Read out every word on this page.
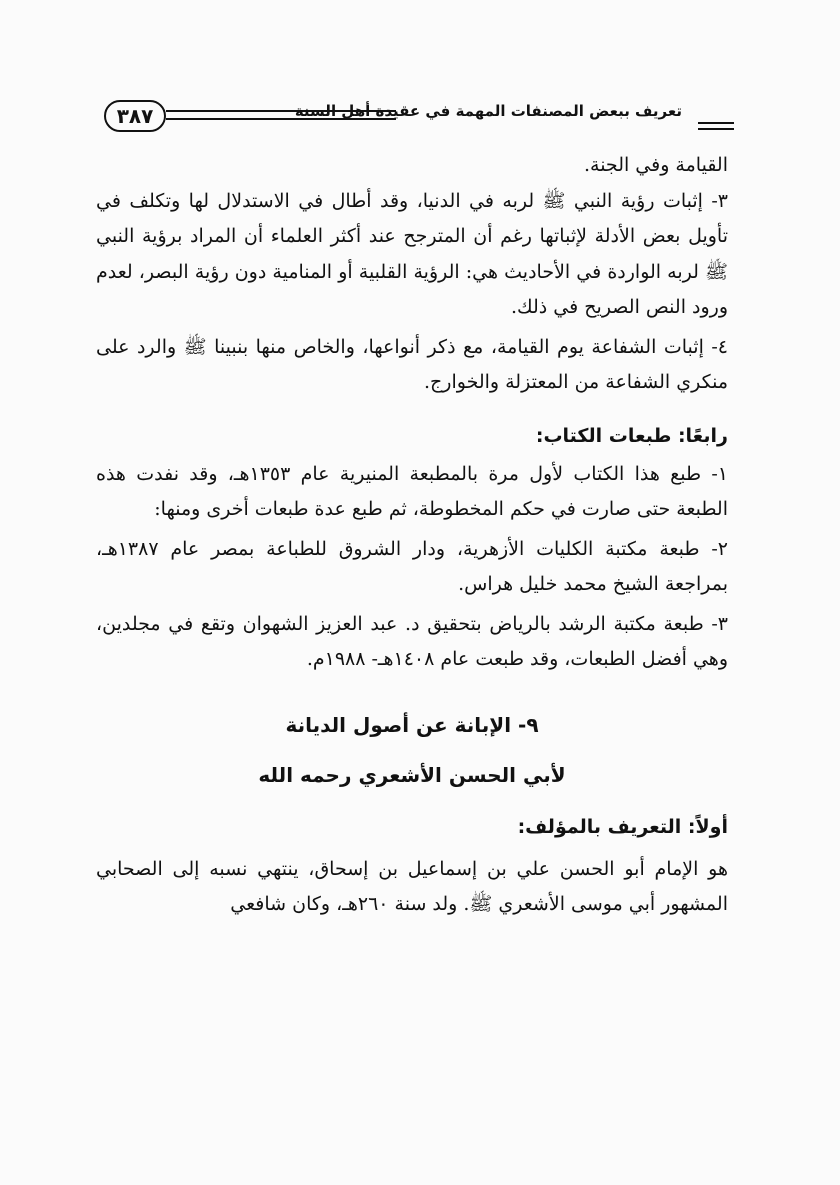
٣٨٧	تعريف ببعض المصنفات المهمة في عقيدة أهل السنة

القيامة وفي الجنة.

٣- إثبات رؤية النبي ﷺ لربه في الدنيا، وقد أطال في الاستدلال لها وتكلف في تأويل بعض الأدلة لإثباتها رغم أن المترجح عند أكثر العلماء أن المراد برؤية النبي ﷺ لربه الواردة في الأحاديث هي: الرؤية القلبية أو المنامية دون رؤية البصر، لعدم ورود النص الصريح في ذلك.

٤- إثبات الشفاعة يوم القيامة، مع ذكر أنواعها، والخاص منها بنبينا ﷺ والرد على منكري الشفاعة من المعتزلة والخوارج.

رابعًا: طبعات الكتاب:

١- طبع هذا الكتاب لأول مرة بالمطبعة المنيرية عام ١٣٥٣هـ، وقد نفدت هذه الطبعة حتى صارت في حكم المخطوطة، ثم طبع عدة طبعات أخرى ومنها:

٢- طبعة مكتبة الكليات الأزهرية، ودار الشروق للطباعة بمصر عام ١٣٨٧هـ، بمراجعة الشيخ محمد خليل هراس.

٣- طبعة مكتبة الرشد بالرياض بتحقيق د. عبد العزيز الشهوان وتقع في مجلدين، وهي أفضل الطبعات، وقد طبعت عام ١٤٠٨هـ- ١٩٨٨م.

٩- الإبانة عن أصول الديانة

لأبي الحسن الأشعري رحمه الله

أولاً: التعريف بالمؤلف:

هو الإمام أبو الحسن علي بن إسماعيل بن إسحاق، ينتهي نسبه إلى الصحابي المشهور أبي موسى الأشعري ﷺ. ولد سنة ٢٦٠هـ، وكان شافعي
